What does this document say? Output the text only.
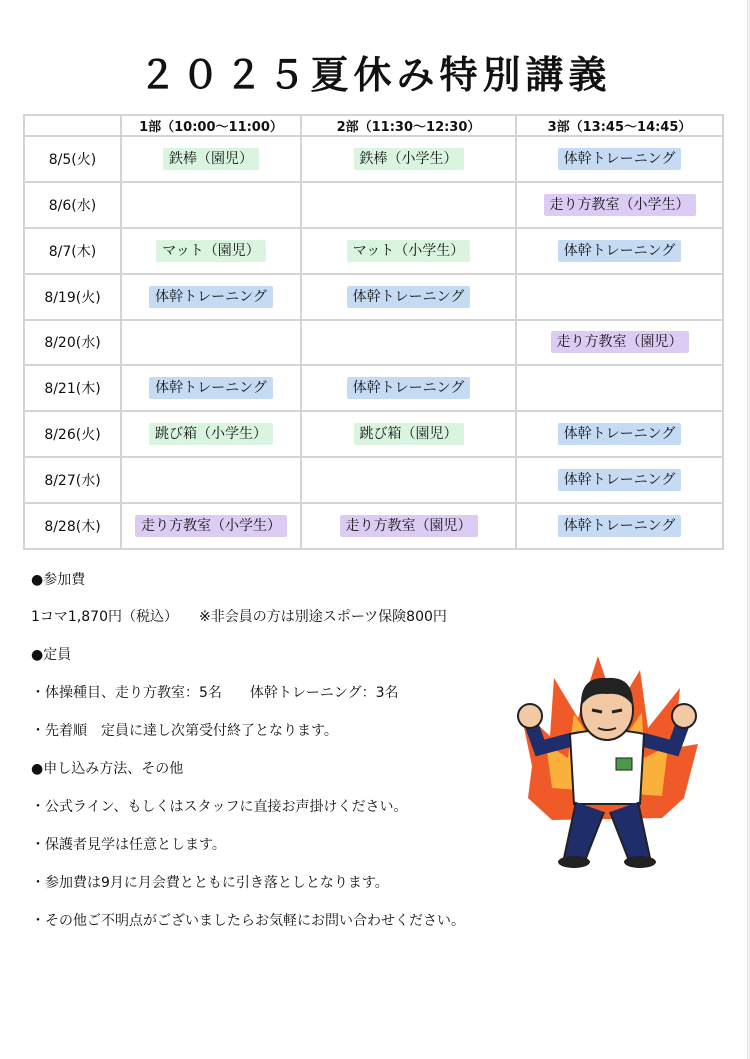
２０２５夏休み特別講義
	1部（10:00〜11:00）	2部（11:30〜12:30）	3部（13:45〜14:45）
8/5(火)	鉄棒（園児）	鉄棒（小学生）	体幹トレーニング
8/6(水)			走り方教室（小学生）
8/7(木)	マット（園児）	マット（小学生）	体幹トレーニング
8/19(火)	体幹トレーニング	体幹トレーニング	
8/20(水)			走り方教室（園児）
8/21(木)	体幹トレーニング	体幹トレーニング	
8/26(火)	跳び箱（小学生）	跳び箱（園児）	体幹トレーニング
8/27(水)			体幹トレーニング
8/28(木)	走り方教室（小学生）	走り方教室（園児）	体幹トレーニング
●参加費
1コマ1,870円（税込）　　※非会員の方は別途スポーツ保険800円
●定員
・体操種目、走り方教室：5名　　体幹トレーニング：3名
・先着順　定員に達し次第受付終了となります。
●申し込み方法、その他
・公式ライン、もしくはスタッフに直接お声掛けください。
・保護者見学は任意とします。
・参加費は9月に月会費とともに引き落としとなります。
・その他ご不明点がございましたらお気軽にお問い合わせください。
